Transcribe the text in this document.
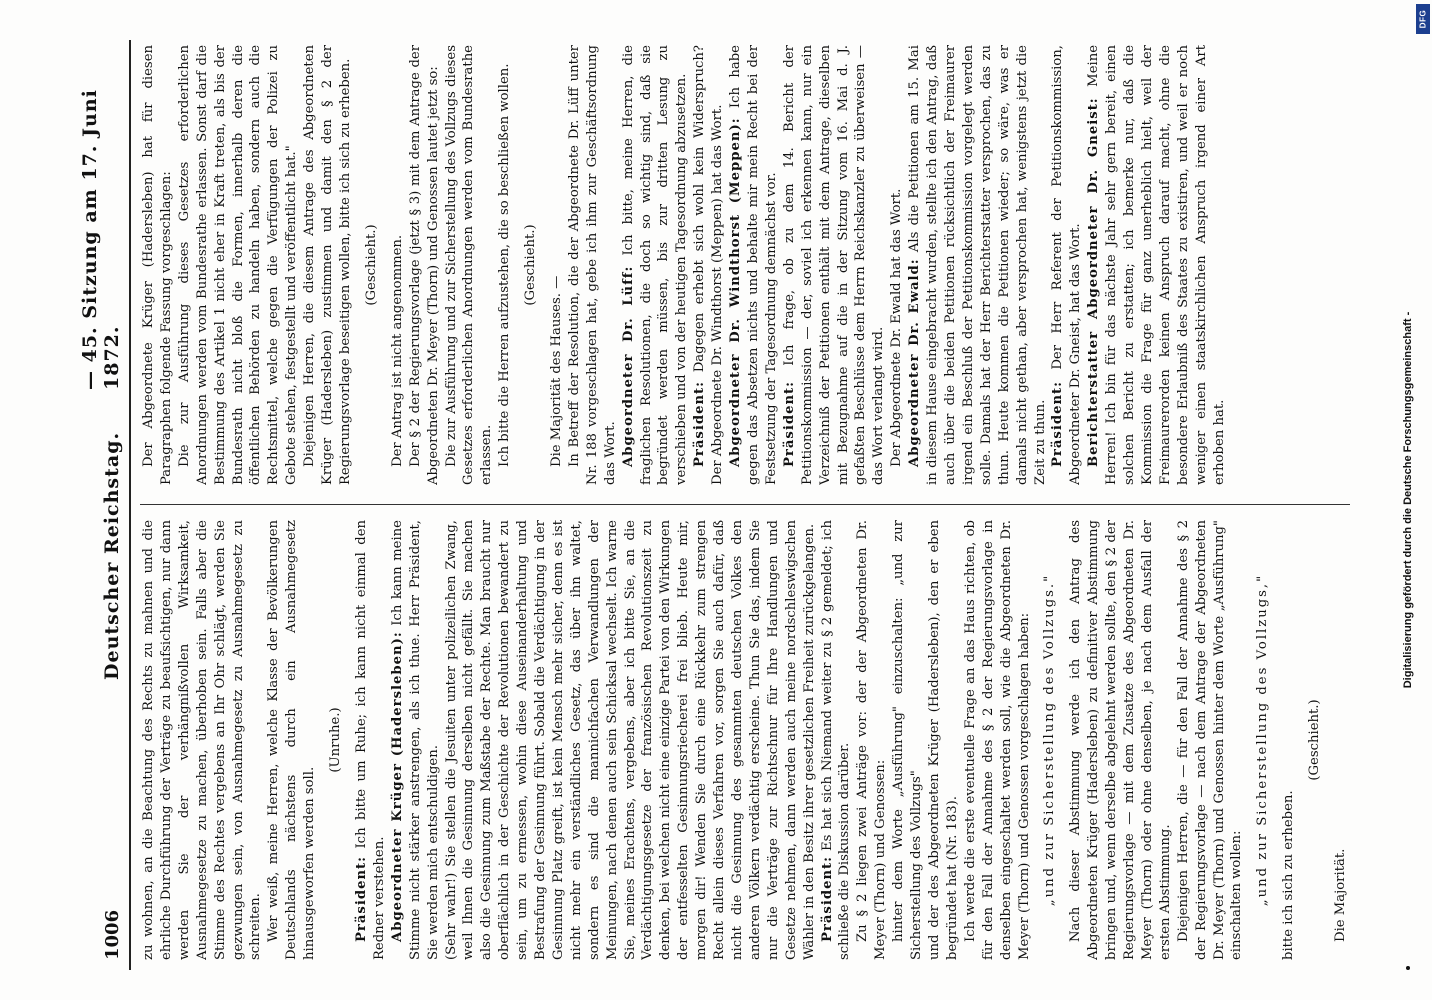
1006
Deutscher Reichstag.
— 45. Sitzung am 17. Juni 1872.

zu wohnen, an die Beachtung des Rechts zu mahnen und die ehrliche Durchführung der Verträge zu beaufsichtigen, nur dann werden Sie der verhängnißvollen Wirksamkeit, Ausnahmegesetze zu machen, überhoben sein. Falls aber die Stimme des Rechtes vergebens an Ihr Ohr schlägt, werden Sie gezwungen sein, von Ausnahmegesetz zu Ausnahmegesetz zu schreiten. Wer weiß, meine Herren, welche Klasse der Bevölkerungen Deutschlands nächstens durch ein Ausnahmegesetz hinausgeworfen werden soll.

(Unruhe.)

Präsident: Ich bitte um Ruhe; ich kann nicht einmal den Redner verstehen. Abgeordneter Krüger (Hadersleben): Ich kann meine Stimme nicht stärker anstrengen, als ich thue. Herr Präsident, Sie werden mich entschuldigen. (Sehr wahr!) Sie stellen die Jesuiten unter polizeilichen Zwang, weil Ihnen die Gesinnung derselben nicht gefällt. Sie machen also die Gesinnung zum Maßstabe der Rechte. Man braucht nur oberflächlich in der Geschichte der Revolutionen bewandert zu sein, um zu ermessen, wohin diese Auseinanderhaltung und Bestrafung der Gesinnung führt. Sobald die Verdächtigung in der Gesinnung Platz greift, ist kein Mensch mehr sicher, denn es ist nicht mehr ein verständliches Gesetz, das über ihn waltet, sondern es sind die mannichfachen Verwandlungen der Meinungen, nach denen auch sein Schicksal wechselt. Ich warne Sie, meines Erachtens, vergebens, aber ich bitte Sie, an die Verdächtigungsgesetze der französischen Revolutionszeit zu denken, bei welchen nicht eine einzige Partei von den Wirkungen der entfesselten Gesinnungsriecherei frei blieb. Heute mir, morgen dir! Wenden Sie durch eine Rückkehr zum strengen Recht allein dieses Verfahren vor, sorgen Sie auch dafür, daß nicht die Gesinnung des gesammten deutschen Volkes den anderen Völkern verdächtig erscheine. Thun Sie das, indem Sie nur die Verträge zur Richtschnur für Ihre Handlungen und Gesetze nehmen, dann werden auch meine nordschleswigschen Wähler in den Besitz ihrer gesetzlichen Freiheit zurückgelangen. Präsident: Es hat sich Niemand weiter zu § 2 gemeldet; ich schließe die Diskussion darüber. Zu § 2 liegen zwei Anträge vor: der der Abgeordneten Dr. Meyer (Thorn) und Genossen: hinter dem Worte „Ausführung" einzuschalten: „und zur Sicherstellung des Vollzugs" und der des Abgeordneten Krüger (Hadersleben), den er eben begründet hat (Nr. 183). Ich werde die erste eventuelle Frage an das Haus richten, ob für den Fall der Annahme des § 2 der Regierungsvorlage in denselben eingeschaltet werden soll, wie die Abgeordneten Dr. Meyer (Thorn) und Genossen vorgeschlagen haben: „und zur Sicherstellung des Vollzugs." Nach dieser Abstimmung werde ich den Antrag des Abgeordneten Krüger (Hadersleben) zu definitiver Abstimmung bringen und, wenn derselbe abgelehnt werden sollte, den § 2 der Regierungsvorlage — mit dem Zusatze des Abgeordneten Dr. Meyer (Thorn) oder ohne denselben, je nach dem Ausfall der ersten Abstimmung. Diejenigen Herren, die — für den Fall der Annahme des § 2 der Regierungsvorlage — nach dem Antrage der Abgeordneten Dr. Meyer (Thorn) und Genossen hinter dem Worte „Ausführung" einschalten wollen: „und zur Sicherstellung des Vollzugs," bitte ich sich zu erheben.

(Geschieht.)

Die Majorität.

Der Abgeordnete Krüger (Hadersleben) hat für diesen Paragraphen folgende Fassung vorgeschlagen: Die zur Ausführung dieses Gesetzes erforderlichen Anordnungen werden vom Bundesrathe erlassen. Sonst darf die Bestimmung des Artikel 1 nicht eher in Kraft treten, als bis der Bundesrath nicht bloß die Formen, innerhalb deren die öffentlichen Behörden zu handeln haben, sondern auch die Rechtsmittel, welche gegen die Verfügungen der Polizei zu Gebote stehen, festgestellt und veröffentlicht hat." Diejenigen Herren, die diesem Antrage des Abgeordneten Krüger (Hadersleben) zustimmen und damit den § 2 der Regierungsvorlage beseitigen wollen, bitte ich sich zu erheben. (Geschieht.) Der Antrag ist nicht angenommen. Der § 2 der Regierungsvorlage (jetzt § 3) mit dem Antrage der Abgeordneten Dr. Meyer (Thorn) und Genossen lautet jetzt so: Die zur Ausführung und zur Sicherstellung des Vollzugs dieses Gesetzes erforderlichen Anordnungen werden vom Bundesrathe erlassen. Ich bitte die Herren aufzustehen, die so beschließen wollen. (Geschieht.)

Die Majorität des Hauses. — In Betreff der Resolution, die der Abgeordnete Dr. Lüff unter Nr. 188 vorgeschlagen hat, gebe ich ihm zur Geschäftsordnung das Wort. Abgeordneter Dr. Lüff: Ich bitte, meine Herren, die fraglichen Resolutionen, die doch so wichtig sind, daß sie begründet werden müssen, bis zur dritten Lesung zu verschieben und von der heutigen Tagesordnung abzusetzen. Präsident: Dagegen erhebt sich wohl kein Widerspruch? Der Abgeordnete Dr. Windthorst (Meppen) hat das Wort. Abgeordneter Dr. Windthorst (Meppen): Ich habe gegen das Absetzen nichts und behalte mir mein Recht bei der Festsetzung der Tagesordnung demnächst vor. Präsident: Ich frage, ob zu dem 14. Bericht der Petitionskommission — der, soviel ich erkennen kann, nur ein Verzeichniß der Petitionen enthält mit dem Antrage, dieselben mit Bezugnahme auf die in der Sitzung vom 16. Mai d. J. gefaßten Beschlüsse dem Herrn Reichskanzler zu überweisen — das Wort verlangt wird. Der Abgeordnete Dr. Ewald hat das Wort. Abgeordneter Dr. Ewald: Als die Petitionen am 15. Mai in diesem Hause eingebracht wurden, stellte ich den Antrag, daß auch über die beiden Petitionen rücksichtlich der Freimaurer irgend ein Beschluß der Petitionskommission vorgelegt werden solle. Damals hat der Herr Berichterstatter versprochen, das zu thun. Heute kommen die Petitionen wieder; so wäre, was er damals nicht gethan, aber versprochen hat, wenigstens jetzt die Zeit zu thun. Präsident: Der Herr Referent der Petitionskommission, Abgeordneter Dr. Gneist, hat das Wort. Berichterstatter Abgeordneter Dr. Gneist: Meine Herren! Ich bin für das nächste Jahr sehr gern bereit, einen solchen Bericht zu erstatten; ich bemerke nur, daß die Kommission die Frage für ganz unerheblich hielt, weil der Freimaurerorden keinen Anspruch darauf macht, ohne die besondere Erlaubniß des Staates zu existiren, und weil er noch weniger einen staatskirchlichen Anspruch irgend einer Art erhoben hat.	Digitalisierung gefördert durch die Deutsche Forschungsgemeinschaft -
DFG
